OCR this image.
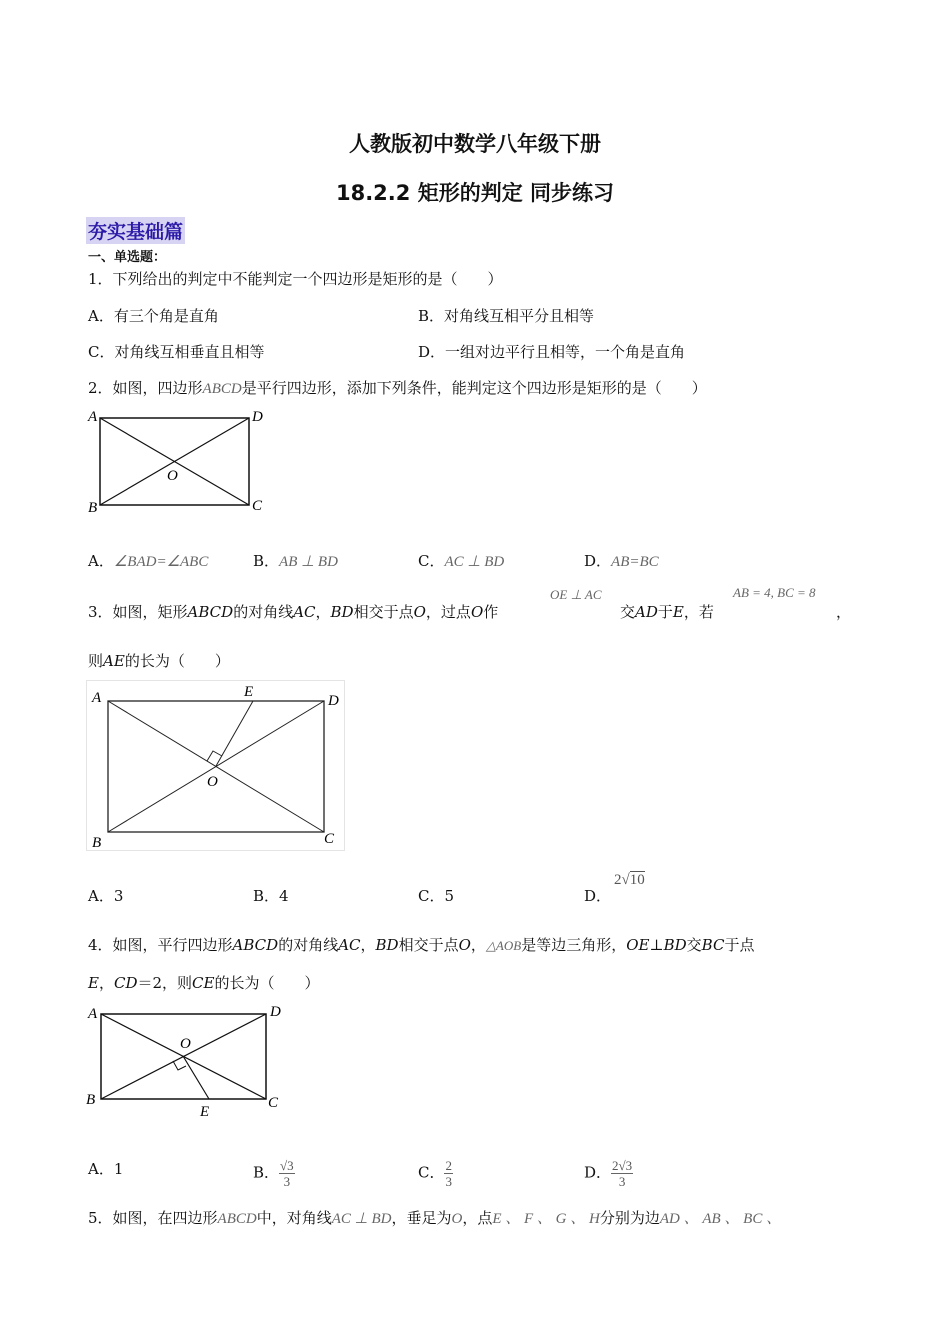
人教版初中数学八年级下册
18.2.2 矩形的判定 同步练习
夯实基础篇
一、单选题：
1．下列给出的判定中不能判定一个四边形是矩形的是（　　）
A．有三个角是直角	B．对角线互相平分且相等
C．对角线互相垂直且相等	D．一组对边平行且相等，一个角是直角
2．如图，四边形ABCD是平行四边形，添加下列条件，能判定这个四边形是矩形的是（　　）
A	D
B	C
O
A．∠BAD=∠ABC	B．AB ⊥ BD	C．AC ⊥ BD	D．AB=BC
3．如图，矩形ABCD的对角线AC，BD相交于点O，过点O作
OE ⊥ AC
交AD于E，若
AB = 4, BC = 8
，
则AE的长为（　　）
A	D
B	C
E
O
A．3	B．4	C．5	D．
2√10
4．如图，平行四边形ABCD的对角线AC，BD相交于点O，△AOB是等边三角形，OE⊥BD交BC于点
E，CD＝2，则CE的长为（　　）
A	D
B	C
O
E
A．1	B． $\frac{√3}{3}$	C． $\frac{2}{3}$	D． $\frac{2√3}{3}$
5．如图，在四边形ABCD中，对角线AC ⊥ BD，垂足为O，点E 、 F 、 G 、 H分别为边AD 、 AB 、 BC 、
